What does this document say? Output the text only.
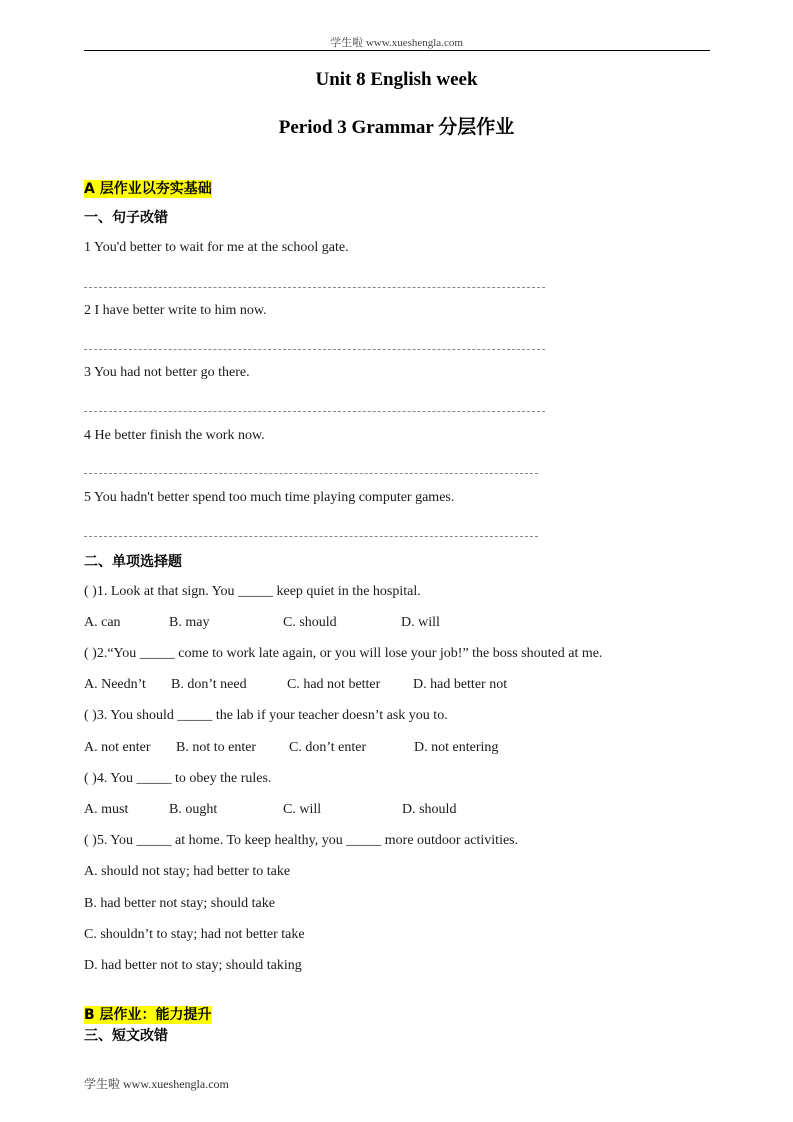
学生啦 www.xueshengla.com
Unit 8 English week
Period 3 Grammar 分层作业
A 层作业以夯实基础
一、句子改错
1 You'd better to wait for me at the school gate.
2 I have better write to him now.
3 You had not better go there.
4 He better finish the work now.
5 You hadn't better spend too much time playing computer games.
二、单项选择题
( )1. Look at that sign. You _____ keep quiet in the hospital.
A. can	B. may	C. should	D. will
( )2.“You _____ come to work late again, or you will lose your job!” the boss shouted at me.
A. Needn’t B. don’t need	C. had not better D. had better not
( )3. You should _____ the lab if your teacher doesn’t ask you to.
A. not enter B. not to enter C. don’t enter	D. not entering
( )4. You _____ to obey the rules.
A. must	B. ought	C. will	D. should
( )5. You _____ at home. To keep healthy, you _____ more outdoor activities.
A. should not stay; had better to take
B. had better not stay; should take
C. shouldn’t to stay; had not better take
D. had better not to stay; should taking
B 层作业：能力提升
三、短文改错
学生啦 www.xueshengla.com
